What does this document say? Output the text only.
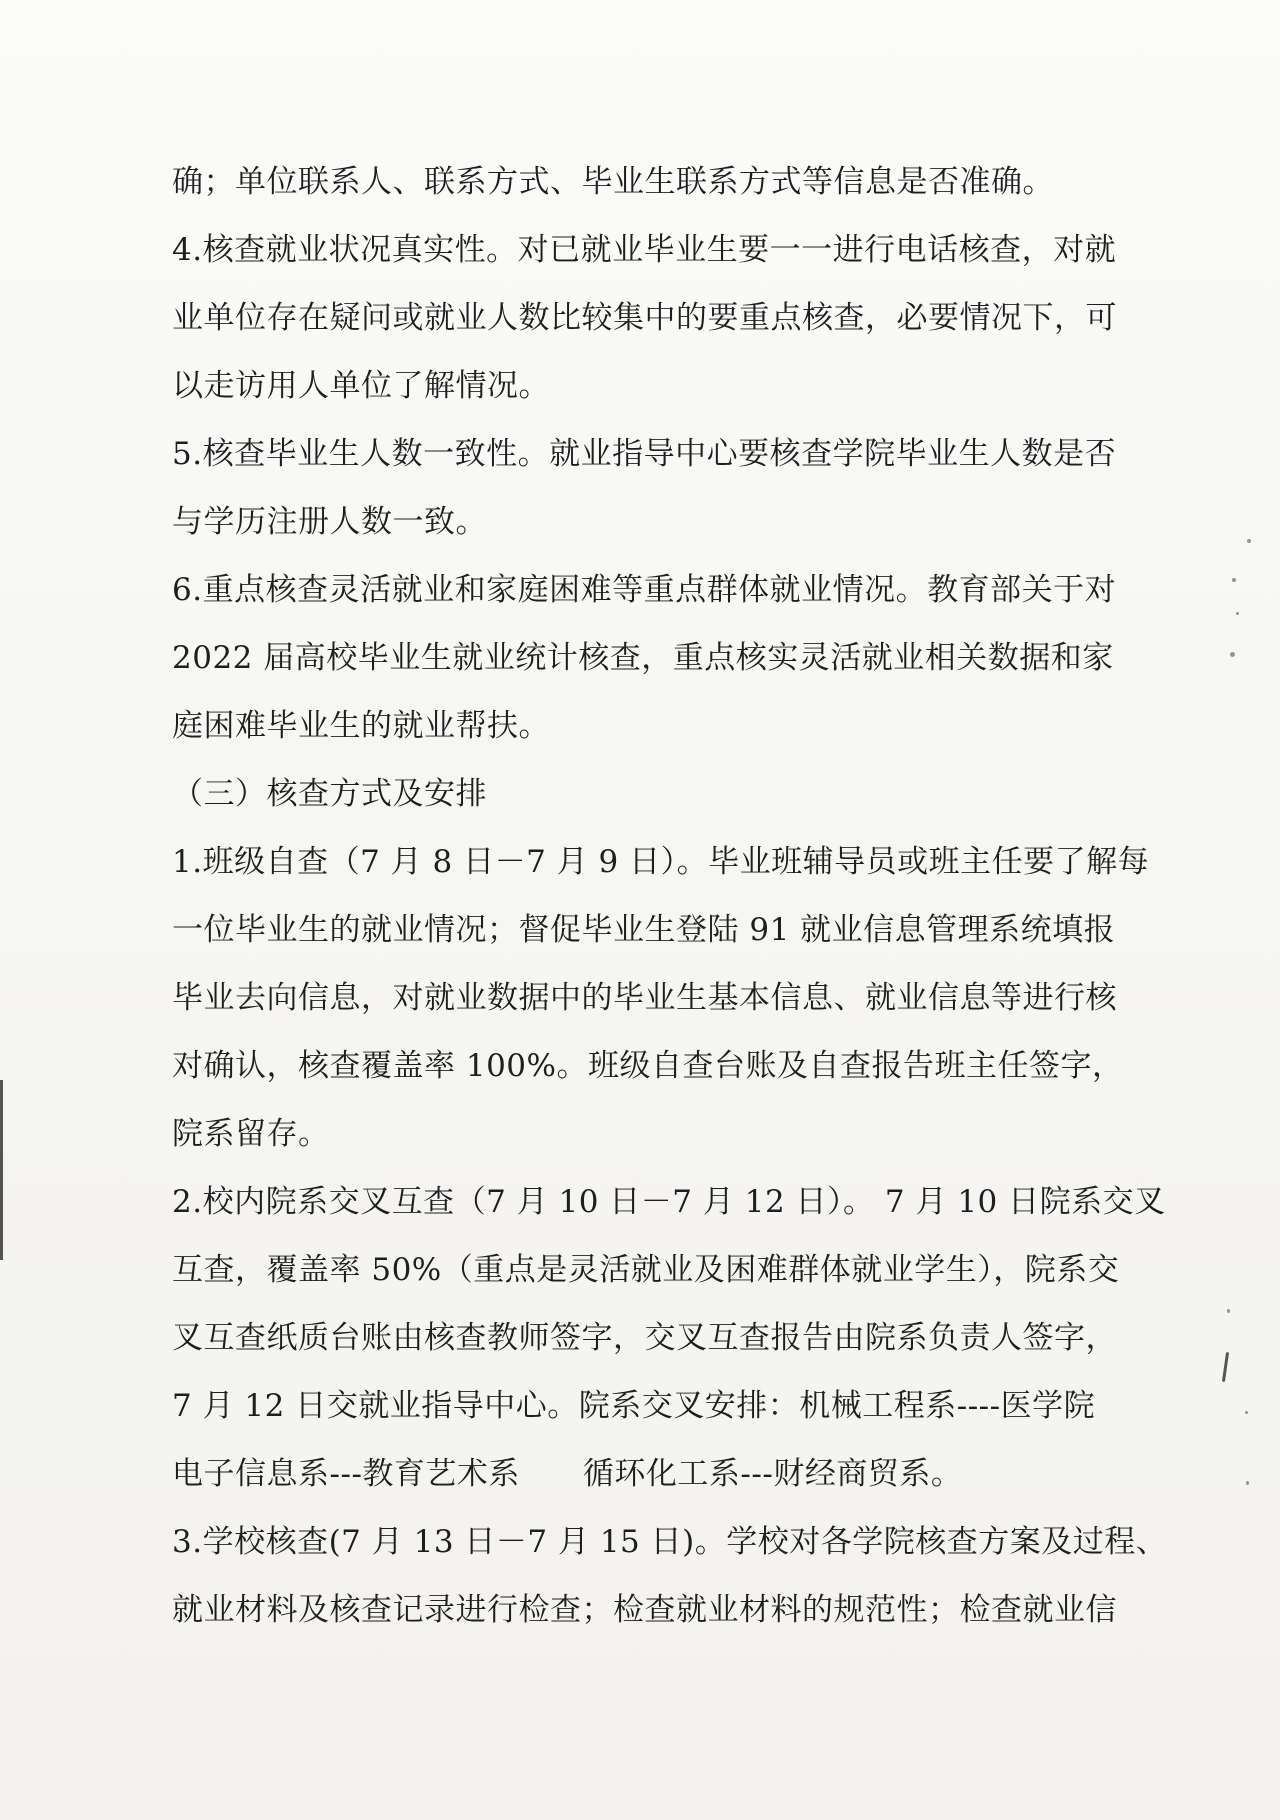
确；单位联系人、联系方式、毕业生联系方式等信息是否准确。
4.核查就业状况真实性。对已就业毕业生要一一进行电话核查，对就
业单位存在疑问或就业人数比较集中的要重点核查，必要情况下，可
以走访用人单位了解情况。
5.核查毕业生人数一致性。就业指导中心要核查学院毕业生人数是否
与学历注册人数一致。
6.重点核查灵活就业和家庭困难等重点群体就业情况。教育部关于对
2022 届高校毕业生就业统计核查，重点核实灵活就业相关数据和家
庭困难毕业生的就业帮扶。
（三）核查方式及安排
1.班级自查（7 月 8 日－7 月 9 日）。毕业班辅导员或班主任要了解每
一位毕业生的就业情况；督促毕业生登陆 91 就业信息管理系统填报
毕业去向信息，对就业数据中的毕业生基本信息、就业信息等进行核
对确认，核查覆盖率 100%。班级自查台账及自查报告班主任签字，
院系留存。
2.校内院系交叉互查（7 月 10 日－7 月 12 日）。 7 月 10 日院系交叉
互查，覆盖率 50%（重点是灵活就业及困难群体就业学生），院系交
叉互查纸质台账由核查教师签字，交叉互查报告由院系负责人签字，
7 月 12 日交就业指导中心。院系交叉安排：机械工程系----医学院
电子信息系---教育艺术系　　循环化工系---财经商贸系。
3.学校核查(7 月 13 日－7 月 15 日)。学校对各学院核查方案及过程、
就业材料及核查记录进行检查；检查就业材料的规范性；检查就业信
